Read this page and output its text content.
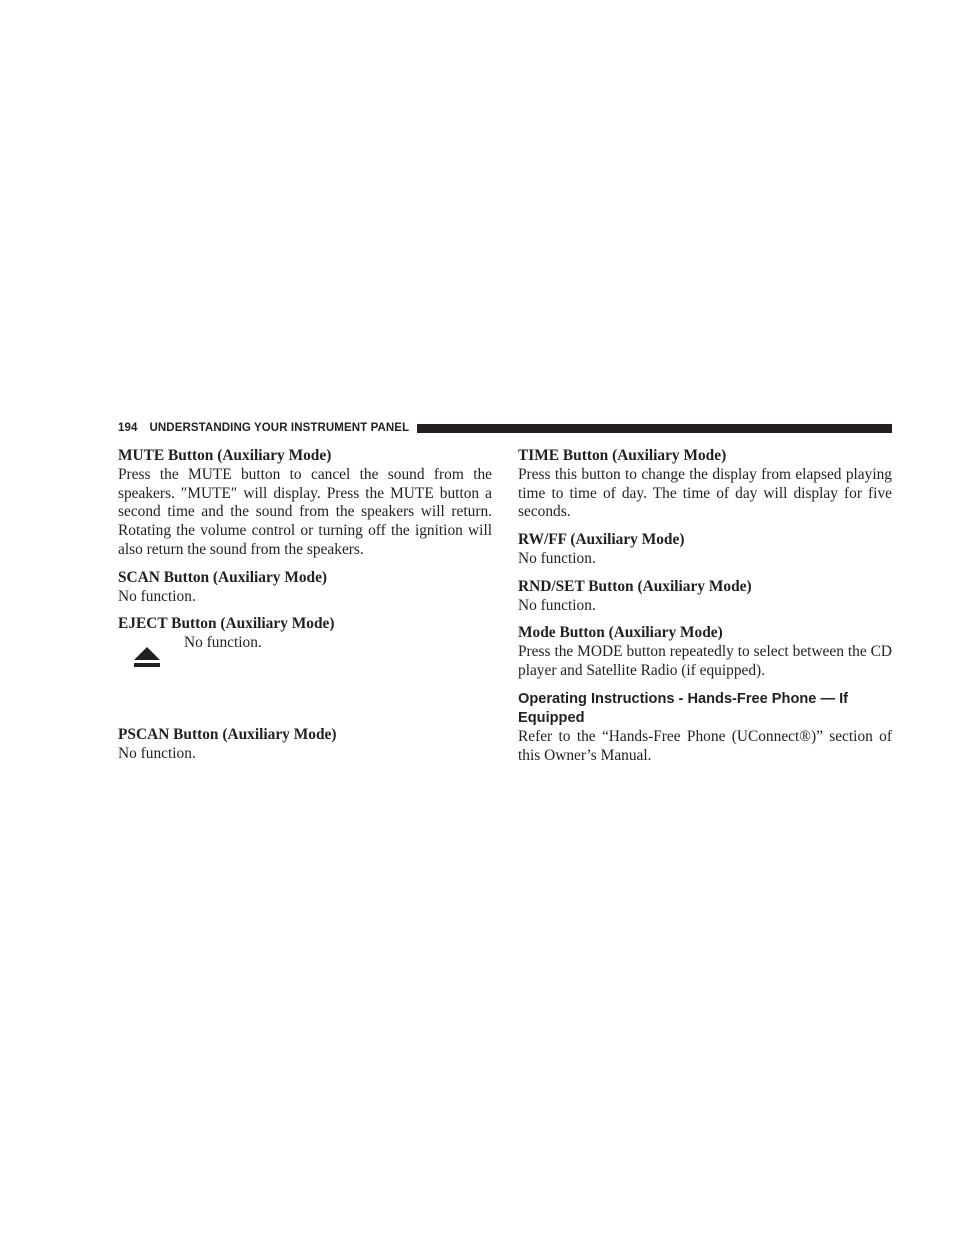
194 UNDERSTANDING YOUR INSTRUMENT PANEL

MUTE Button (Auxiliary Mode)

Press the MUTE button to cancel the sound from the speakers. ″MUTE″ will display. Press the MUTE button a second time and the sound from the speakers will return. Rotating the volume control or turning off the ignition will also return the sound from the speakers.

SCAN Button (Auxiliary Mode)

No function.

EJECT Button (Auxiliary Mode)

No function.

PSCAN Button (Auxiliary Mode)

No function.

TIME Button (Auxiliary Mode)

Press this button to change the display from elapsed playing time to time of day. The time of day will display for five seconds.

RW/FF (Auxiliary Mode)

No function.

RND/SET Button (Auxiliary Mode)

No function.

Mode Button (Auxiliary Mode)

Press the MODE button repeatedly to select between the CD player and Satellite Radio (if equipped).

Operating Instructions - Hands-Free Phone — If Equipped

Refer to the “Hands-Free Phone (UConnect®)” section of this Owner’s Manual.
